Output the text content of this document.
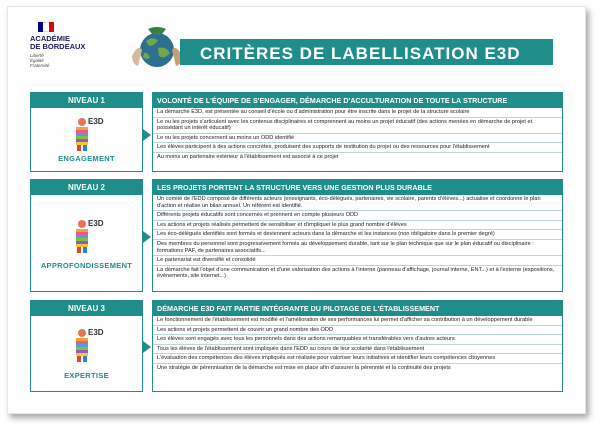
ACADÉMIE
DE BORDEAUX
Liberté
Égalité
Fraternité
CRITÈRES DE LABELLISATION E3D
NIVEAU 1
E3D
ENGAGEMENT
VOLONTÉ DE L'ÉQUIPE DE S'ENGAGER, DÉMARCHE D'ACCULTURATION DE TOUTE LA STRUCTURE
La démarche E3D, est présentée au conseil d'école ou d'administration pour être inscrite dans le projet de la structure scolaire
Le ou les projets s'articulent avec les contenus disciplinaires et comprennent au moins un projet éducatif (des actions menées en démarche de projet et possédant un intérêt éducatif)
Le ou les projets concernent au moins un ODD identifié
Les élèves participent à des actions concrètes, produisent des supports de restitution du projet ou des ressources pour l'établissement
Au moins un partenaire extérieur à l'établissement est associé à ce projet
NIVEAU 2
E3D
APPROFONDISSEMENT
LES PROJETS PORTENT LA STRUCTURE VERS UNE GESTION PLUS DURABLE
Un comité de l'EDD composé de différents acteurs (enseignants, éco-délégués, partenaires, vie scolaire, parents d'élèves...) actualise et coordonne le plan d'action et réalise un bilan annuel. Un référent est identifié.
Différents projets éducatifs sont concernés et prennent en compte plusieurs ODD
Les actions et projets réalisés permettent de sensibiliser et d'impliquer le plus grand nombre d'élèves
Les éco-délégués identifiés sont formés et deviennent acteurs dans la démarche et les instances (non obligatoire dans le premier degré)
Des membres du personnel sont progressivement formés au développement durable, tant sur le plan technique que sur le plan éducatif ou disciplinaire : formations PAF, de partenaires associatifs...
Le partenariat est diversifié et consolidé
La démarche fait l'objet d'une communication et d'une valorisation des actions à l'interne (panneau d'affichage, journal interne, ENT...) et à l'externe (expositions, évènements, site internet...)
NIVEAU 3
E3D
EXPERTISE
DÉMARCHE E3D FAIT PARTIE INTÉGRANTE DU PILOTAGE DE L'ÉTABLISSEMENT
Le fonctionnement de l'établissement est modifié et l'amélioration de ses performances lui permet d'afficher sa contribution à un développement durable
Les actions et projets permettent de couvrir un grand nombre des ODD
Les élèves sont engagés avec tous les personnels dans des actions remarquables et transférables vers d'autres acteurs
Tous les élèves de l'établissement sont impliqués dans l'EDD au cours de leur scolarité dans l'établissement
L'évaluation des compétences des élèves impliqués est réalisée pour valoriser leurs initiatives et identifier leurs compétences citoyennes
Une stratégie de pérennisation de la démarche est mise en place afin d'assurer la pérennité et la continuité des projets
